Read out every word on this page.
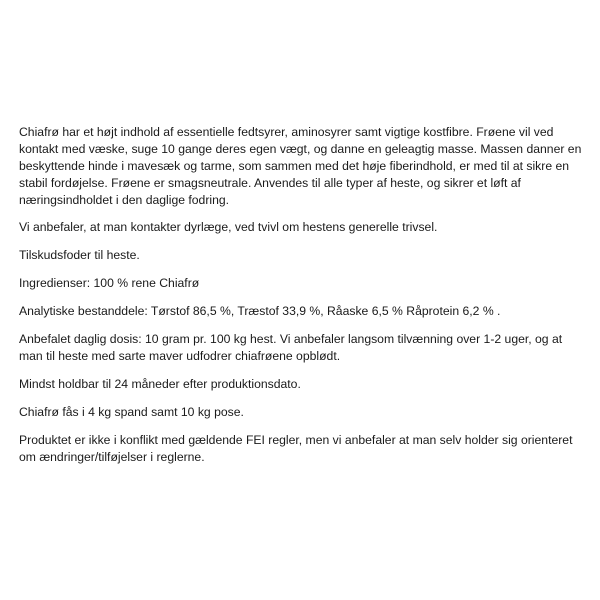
Chiafrø har et højt indhold af essentielle fedtsyrer, aminosyrer samt vigtige kostfibre. Frøene vil ved kontakt med væske, suge 10 gange deres egen vægt, og danne en geleagtig masse. Massen danner en beskyttende hinde i mavesæk og tarme, som sammen med det høje fiberindhold, er med til at sikre en stabil fordøjelse. Frøene er smagsneutrale. Anvendes til alle typer af heste, og sikrer et løft af næringsindholdet i den daglige fodring.

Vi anbefaler, at man kontakter dyrlæge, ved tvivl om hestens generelle trivsel.

Tilskudsfoder til heste.

Ingredienser: 100 % rene Chiafrø

Analytiske bestanddele: Tørstof 86,5 %, Træstof 33,9 %, Råaske 6,5 % Råprotein 6,2 % .

Anbefalet daglig dosis: 10 gram pr. 100 kg hest. Vi anbefaler langsom tilvænning over 1-2 uger, og at man til heste med sarte maver udfodrer chiafrøene opblødt.

Mindst holdbar til 24 måneder efter produktionsdato.

Chiafrø fås i 4 kg spand samt 10 kg pose.

Produktet er ikke i konflikt med gældende FEI regler, men vi anbefaler at man selv holder sig orienteret om ændringer/tilføjelser i reglerne.
